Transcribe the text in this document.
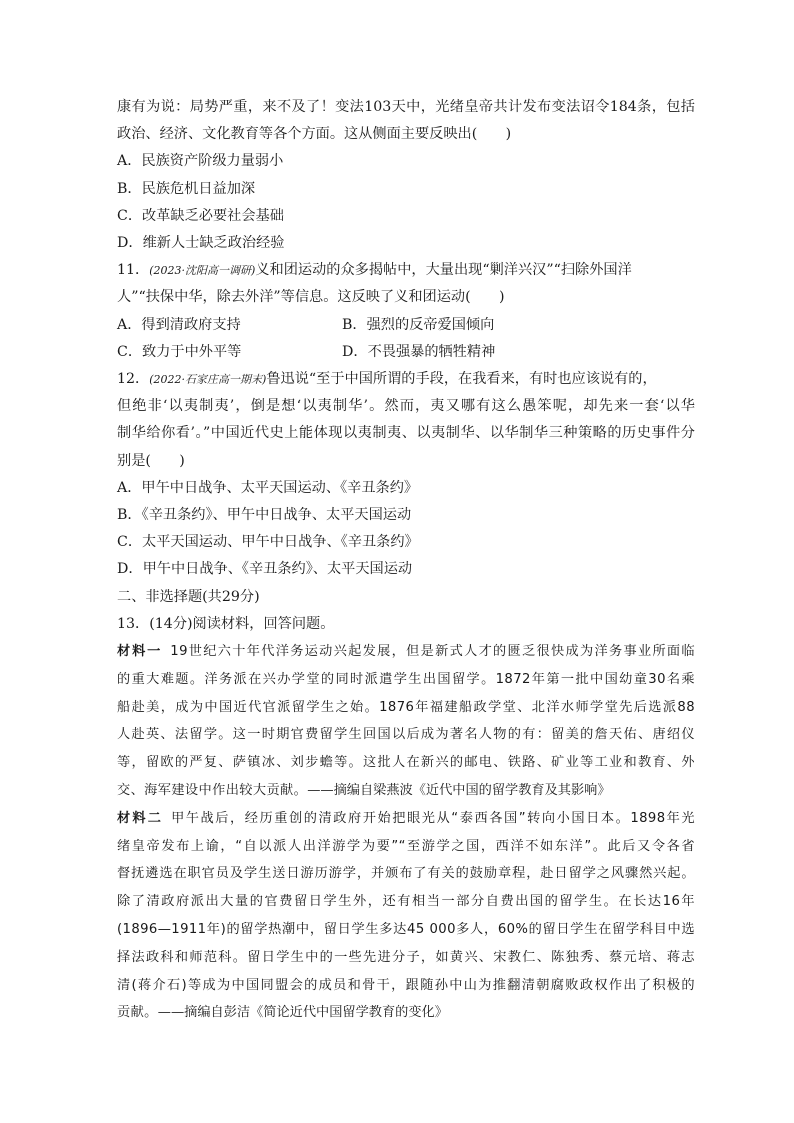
康有为说：局势严重，来不及了！变法103天中，光绪皇帝共计发布变法诏令184条，包括
政治、经济、文化教育等各个方面。这从侧面主要反映出(　　)
A．民族资产阶级力量弱小
B．民族危机日益加深
C．改革缺乏必要社会基础
D．维新人士缺乏政治经验
11．(2023·沈阳高一调研)义和团运动的众多揭帖中，大量出现“剿洋兴汉”“扫除外国洋
人”“扶保中华，除去外洋”等信息。这反映了义和团运动(　　)
A．得到清政府支持	B．强烈的反帝爱国倾向
C．致力于中外平等	D．不畏强暴的牺牲精神
12．(2022·石家庄高一期末)鲁迅说“至于中国所谓的手段，在我看来，有时也应该说有的，
但绝非‘以夷制夷’，倒是想‘以夷制华’。然而，夷又哪有这么愚笨呢，却先来一套‘以华
制华给你看’。”中国近代史上能体现以夷制夷、以夷制华、以华制华三种策略的历史事件分
别是(　　)
A．甲午中日战争、太平天国运动、《辛丑条约》
B．《辛丑条约》、甲午中日战争、太平天国运动
C．太平天国运动、甲午中日战争、《辛丑条约》
D．甲午中日战争、《辛丑条约》、太平天国运动
二、非选择题(共29分)
13．(14分)阅读材料，回答问题。
材料一 19世纪六十年代洋务运动兴起发展，但是新式人才的匮乏很快成为洋务事业所面临
的重大难题。洋务派在兴办学堂的同时派遣学生出国留学。1872年第一批中国幼童30名乘
船赴美，成为中国近代官派留学生之始。1876年福建船政学堂、北洋水师学堂先后选派88
人赴英、法留学。这一时期官费留学生回国以后成为著名人物的有：留美的詹天佑、唐绍仪
等，留欧的严复、萨镇冰、刘步蟾等。这批人在新兴的邮电、铁路、矿业等工业和教育、外
交、海军建设中作出较大贡献。——摘编自梁燕波《近代中国的留学教育及其影响》
材料二 甲午战后，经历重创的清政府开始把眼光从“泰西各国”转向小国日本。1898年光
绪皇帝发布上谕，“自以派人出洋游学为要”“至游学之国，西洋不如东洋”。此后又令各省
督抚遴选在职官员及学生送日游历游学，并颁布了有关的鼓励章程，赴日留学之风骤然兴起。
除了清政府派出大量的官费留日学生外，还有相当一部分自费出国的留学生。在长达16年
(1896—1911年)的留学热潮中，留日学生多达45 000多人，60%的留日学生在留学科目中选
择法政科和师范科。留日学生中的一些先进分子，如黄兴、宋教仁、陈独秀、蔡元培、蒋志
清(蒋介石)等成为中国同盟会的成员和骨干，跟随孙中山为推翻清朝腐败政权作出了积极的
贡献。——摘编自彭洁《简论近代中国留学教育的变化》
